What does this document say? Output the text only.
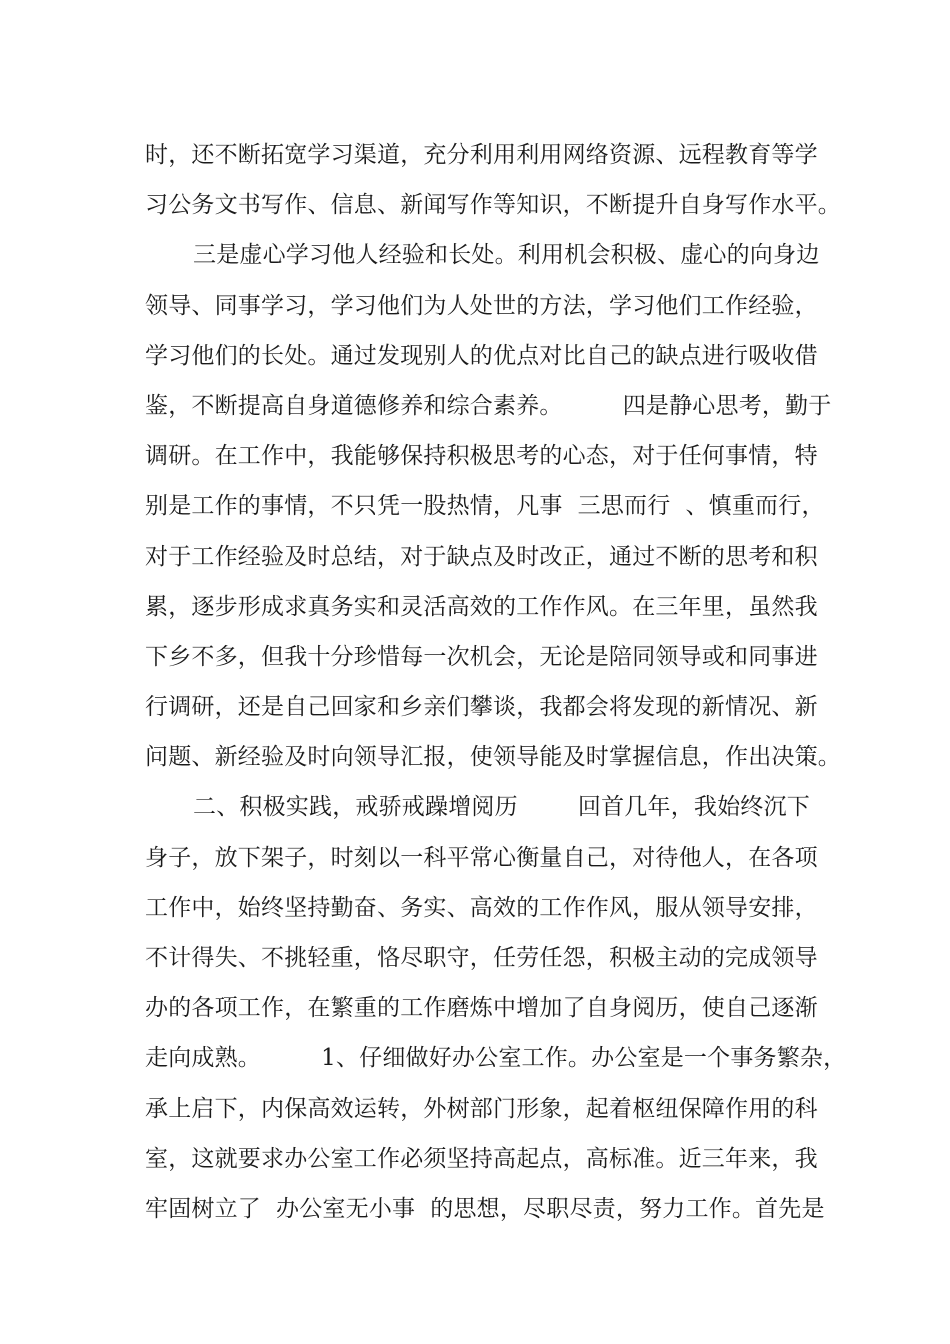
时，还不断拓宽学习渠道，充分利用利用网络资源、远程教育等学
习公务文书写作、信息、新闻写作等知识，不断提升自身写作水平。
三是虚心学习他人经验和长处。利用机会积极、虚心的向身边
领导、同事学习，学习他们为人处世的方法，学习他们工作经验，
学习他们的长处。通过发现别人的优点对比自己的缺点进行吸收借
鉴，不断提高自身道德修养和综合素养。        四是静心思考，勤于
调研。在工作中，我能够保持积极思考的心态，对于任何事情，特
别是工作的事情，不只凭一股热情，凡事  三思而行  、慎重而行，
对于工作经验及时总结，对于缺点及时改正，通过不断的思考和积
累，逐步形成求真务实和灵活高效的工作作风。在三年里，虽然我
下乡不多，但我十分珍惜每一次机会，无论是陪同领导或和同事进
行调研，还是自己回家和乡亲们攀谈，我都会将发现的新情况、新
问题、新经验及时向领导汇报，使领导能及时掌握信息，作出决策。
二、积极实践，戒骄戒躁增阅历        回首几年，我始终沉下
身子，放下架子，时刻以一科平常心衡量自己，对待他人，在各项
工作中，始终坚持勤奋、务实、高效的工作作风，服从领导安排，
不计得失、不挑轻重，恪尽职守，任劳任怨，积极主动的完成领导
办的各项工作，在繁重的工作磨炼中增加了自身阅历，使自己逐渐
走向成熟。        1、仔细做好办公室工作。办公室是一个事务繁杂，
承上启下，内保高效运转，外树部门形象，起着枢纽保障作用的科
室，这就要求办公室工作必须坚持高起点，高标准。近三年来，我
牢固树立了  办公室无小事  的思想，尽职尽责，努力工作。首先是
